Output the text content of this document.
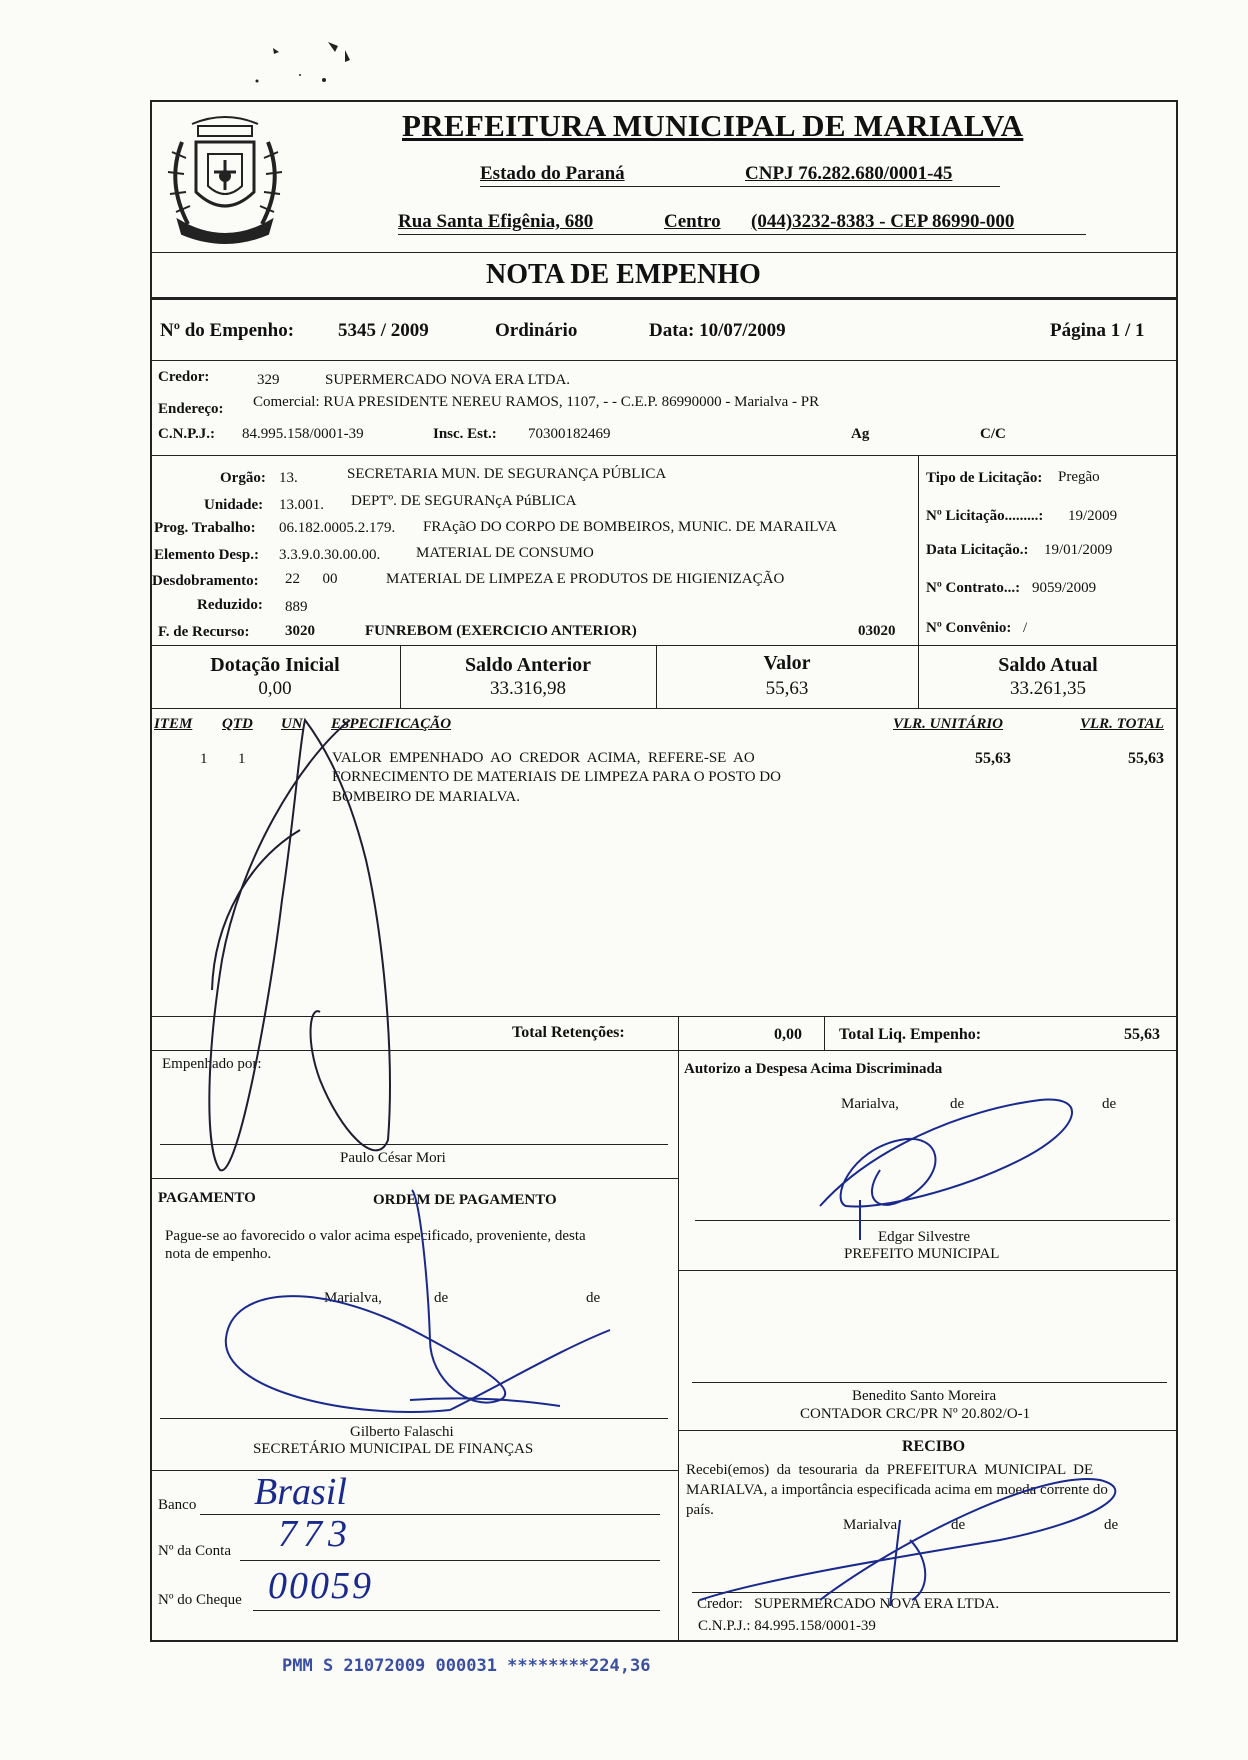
PREFEITURA MUNICIPAL DE MARIALVA
Estado do Paraná	CNPJ 76.282.680/0001-45
Rua Santa Efigênia, 680	Centro (044)3232-8383 - CEP 86990-000
NOTA DE EMPENHO
Nº do Empenho: 5345 / 2009	Ordinário	Data: 10/07/2009	Página 1 / 1
Credor:	329	SUPERMERCADO NOVA ERA LTDA.
Endereço: Comercial: RUA PRESIDENTE NEREU RAMOS, 1107, - - C.E.P. 86990000 - Marialva - PR
C.N.P.J.: 84.995.158/0001-39	Insc. Est.: 70300182469	Ag	C/C
Orgão: 13.	SECRETARIA MUN. DE SEGURANÇA PÚBLICA
Unidade: 13.001. DEPTº. DE SEGURANçA PúBLICA
Prog. Trabalho: 06.182.0005.2.179. FRAçãO DO CORPO DE BOMBEIROS, MUNIC. DE MARAILVA
Elemento Desp.: 3.3.9.0.30.00.00. MATERIAL DE CONSUMO
Desdobramento: 22      00	MATERIAL DE LIMPEZA E PRODUTOS DE HIGIENIZAÇÃO
Reduzido: 889
F. de Recurso: 3020	FUNREBOM (EXERCICIO ANTERIOR)	03020
Tipo de Licitação: Pregão
Nº Licitação.........: 19/2009
Data Licitação.: 19/01/2009
Nº Contrato...: 9059/2009
Nº Convênio: /
Dotação Inicial
0,00
Saldo Anterior
33.316,98
Valor
55,63
Saldo Atual
33.261,35
ITEM QTD UN ESPECIFICAÇÃO	VLR. UNITÁRIO	VLR. TOTAL
1 1	VALOR  EMPENHADO  AO  CREDOR  ACIMA,  REFERE-SE  AO
FORNECIMENTO DE MATERIAIS DE LIMPEZA PARA O POSTO DO
BOMBEIRO DE MARIALVA.
55,63	55,63
Total Retenções:	0,00 Total Liq. Empenho:	55,63
Empenhado por:
Paulo César Mori
Autorizo a Despesa Acima Discriminada
Marialva,	de	de
Edgar Silvestre
PREFEITO MUNICIPAL
PAGAMENTO	ORDEM DE PAGAMENTO
Pague-se ao favorecido o valor acima especificado, proveniente, desta
nota de empenho.
Marialva,	de	de
Gilberto Falaschi
SECRETÁRIO MUNICIPAL DE FINANÇAS
Benedito Santo Moreira
CONTADOR CRC/PR Nº 20.802/O-1
Banco Brasil
Nº da Conta 773
Nº do Cheque 00059
RECIBO
Recebi(emos)  da  tesouraria  da  PREFEITURA  MUNICIPAL  DE
MARIALVA, a importância especificada acima em moeda corrente do
país.
Marialva,	de	de
Credor:   SUPERMERCADO NOVA ERA LTDA.
C.N.P.J.: 84.995.158/0001-39
PMM S 21072009 000031 ********224,36
